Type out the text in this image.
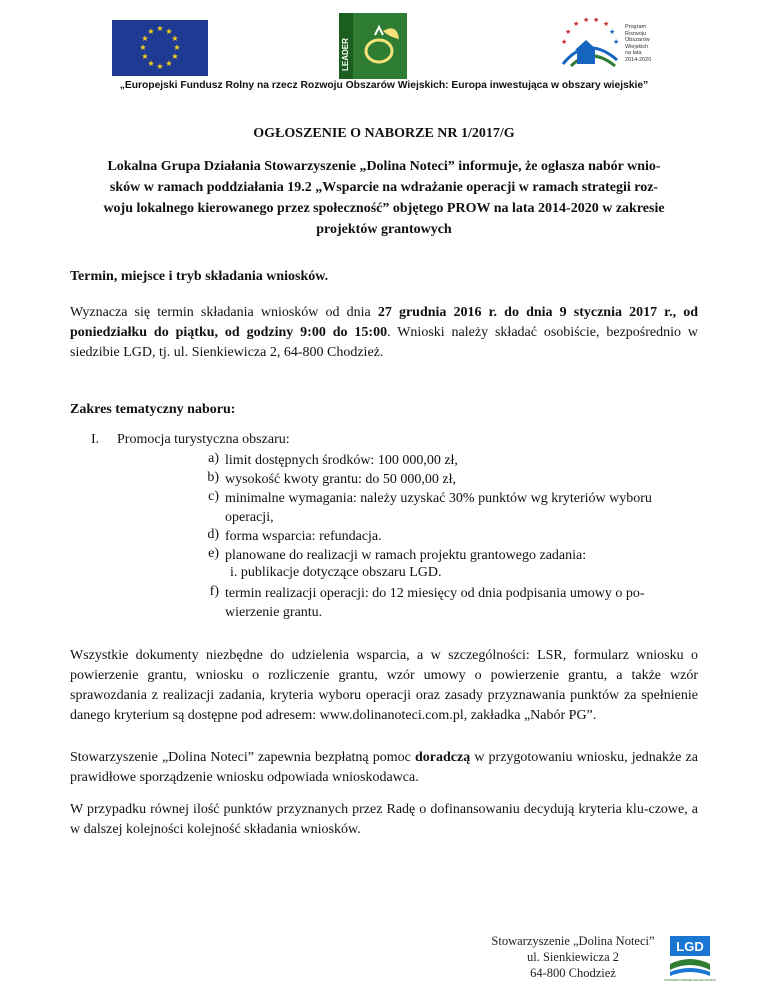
★ ★
★
★
★
★
★
★
★
★
★
★
LEADER
★
★ ★ ★ ★
★
★
★
Program
Rozwoju
Obszarów
Wiejskich
na lata 2014-2020
„Europejski Fundusz Rolny na rzecz Rozwoju Obszarów Wiejskich: Europa inwestująca w obszary wiejskie”
OGŁOSZENIE O NABORZE NR 1/2017/G
Lokalna Grupa Działania Stowarzyszenie „Dolina Noteci” informuje, że ogłasza nabór wnio-
sków w ramach poddziałania 19.2 „Wsparcie na wdrażanie operacji w ramach strategii roz-
woju lokalnego kierowanego przez społeczność” objętego PROW na lata 2014-2020 w zakresie
projektów grantowych
Termin, miejsce i tryb składania wniosków.
Wyznacza się termin składania wniosków od dnia 27 grudnia 2016 r. do dnia 9 stycznia 2017 r., od poniedziałku do piątku, od godziny 9:00 do 15:00. Wnioski należy składać osobiście, bezpośrednio w siedzibie LGD, tj. ul. Sienkiewicza 2, 64-800 Chodzież.
Zakres tematyczny naboru:
I. Promocja turystyczna obszaru:
a) limit dostępnych środków: 100 000,00 zł,
b) wysokość kwoty grantu: do 50 000,00 zł,
c) minimalne wymagania: należy uzyskać 30% punktów wg kryteriów wyboru operacji,
d) forma wsparcia: refundacja.
e) planowane do realizacji w ramach projektu grantowego zadania:
i. publikacje dotyczące obszaru LGD.
f) termin realizacji operacji: do 12 miesięcy od dnia podpisania umowy o po-wierzenie grantu.
Wszystkie dokumenty niezbędne do udzielenia wsparcia, a w szczególności: LSR, formularz wniosku o powierzenie grantu, wniosku o rozliczenie grantu, wzór umowy o powierzenie grantu, a także wzór sprawozdania z realizacji zadania, kryteria wyboru operacji oraz zasady przyznawania punktów za spełnienie danego kryterium są dostępne pod adresem: www.dolinanoteci.com.pl, zakładka „Nabór PG”.
Stowarzyszenie „Dolina Noteci” zapewnia bezpłatną pomoc doradczą w przygotowaniu wniosku, jednakże za prawidłowe sporządzenie wniosku odpowiada wnioskodawca.
W przypadku równej ilość punktów przyznanych przez Radę o dofinansowaniu decydują kryteria klu-czowe, a w dalszej kolejności kolejność składania wniosków.
Stowarzyszenie „Dolina Noteci”
ul. Sienkiewicza 2
64-800 Chodzież
LGD
STOWARZYSZENIE DOLINA NOTECI
